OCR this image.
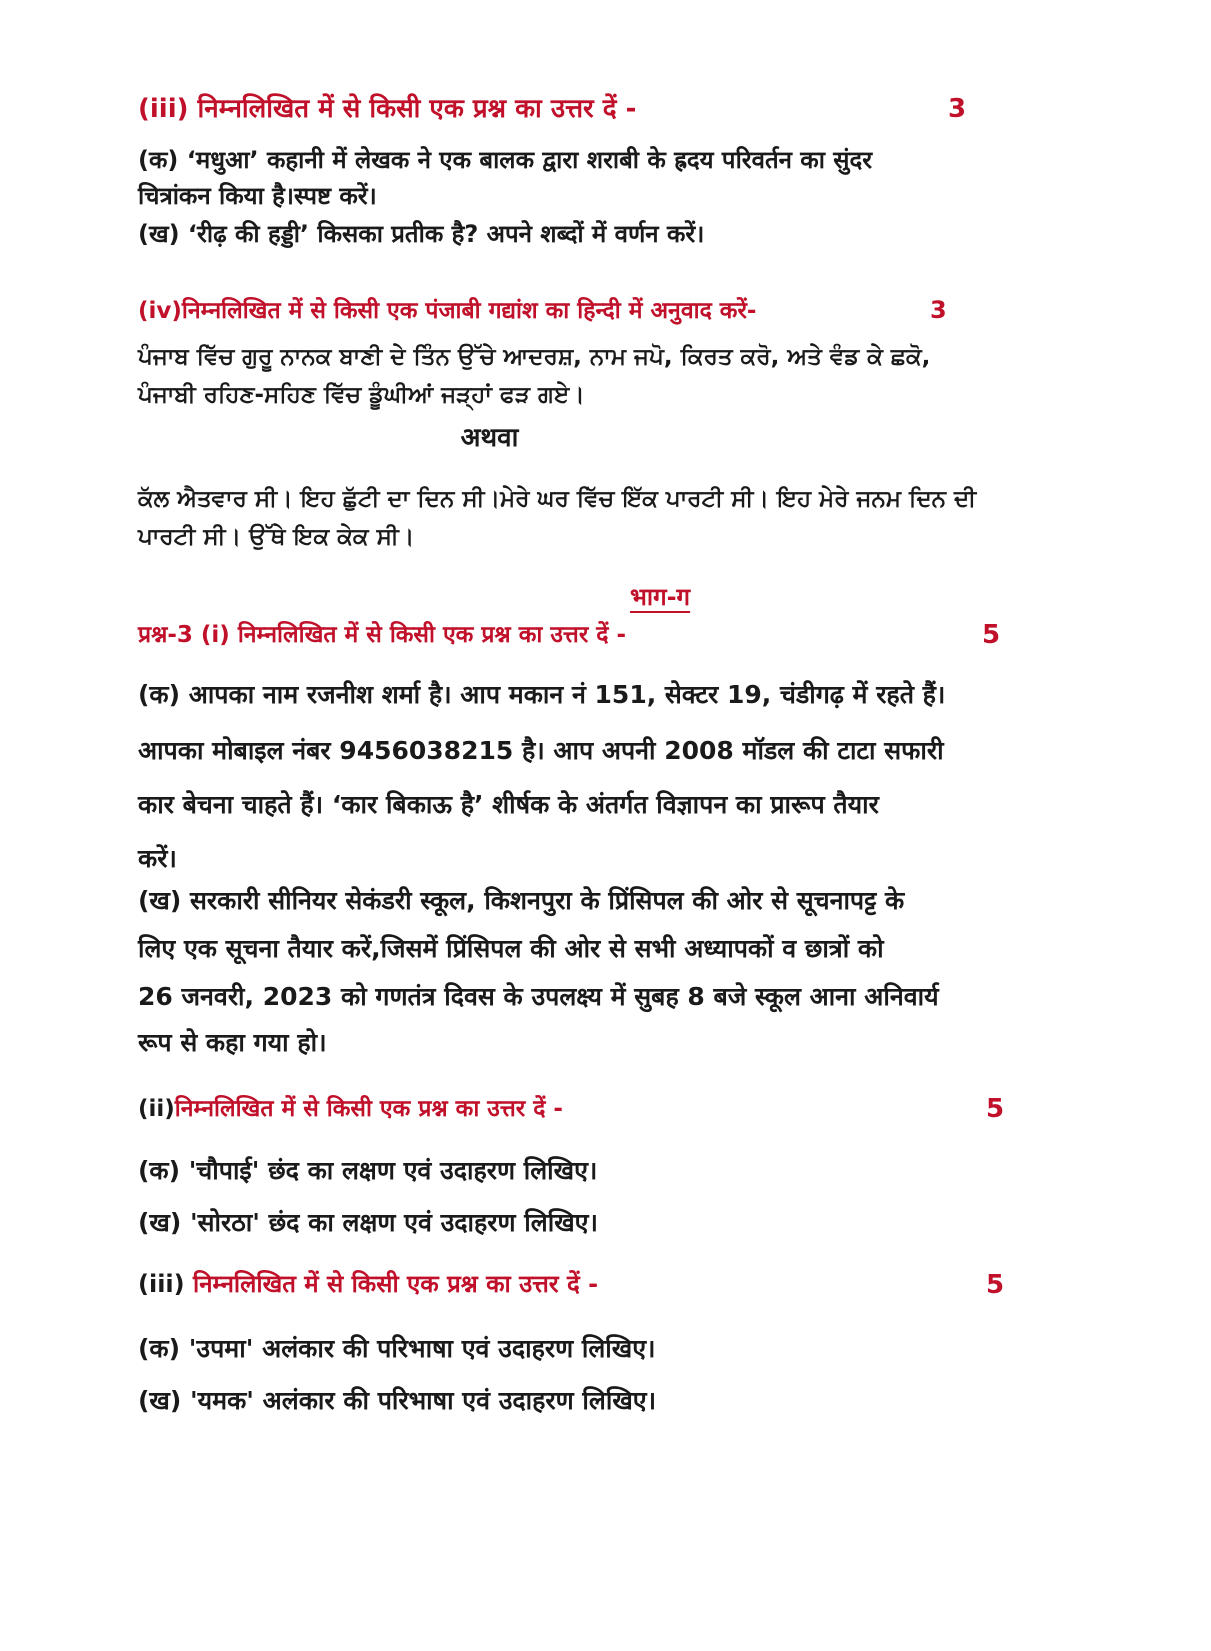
(iii) निम्नलिखित में से किसी एक प्रश्न का उत्तर दें -	3
(क) ‘मधुआ’ कहानी में लेखक ने एक बालक द्वारा शराबी के ह्रदय परिवर्तन का सुंदर
चित्रांकन किया है।स्पष्ट करें।
(ख) ‘रीढ़ की हड्डी’ किसका प्रतीक है? अपने शब्दों में वर्णन करें।
(iv)निम्नलिखित में से किसी एक पंजाबी गद्यांश का हिन्दी में अनुवाद करें-	3
ਪੰਜਾਬ ਵਿੱਚ ਗੁਰੂ ਨਾਨਕ ਬਾਣੀ ਦੇ ਤਿੰਨ ਉੱਚੇ ਆਦਰਸ਼, ਨਾਮ ਜਪੋ, ਕਿਰਤ ਕਰੋ, ਅਤੇ ਵੰਡ ਕੇ ਛਕੋ,
ਪੰਜਾਬੀ ਰਹਿਣ-ਸਹਿਣ ਵਿੱਚ ਡੂੰਘੀਆਂ ਜੜ੍ਹਾਂ ਫੜ ਗਏ।
अथवा
ਕੱਲ ਐਤਵਾਰ ਸੀ। ਇਹ ਛੁੱਟੀ ਦਾ ਦਿਨ ਸੀ।ਮੇਰੇ ਘਰ ਵਿੱਚ ਇੱਕ ਪਾਰਟੀ ਸੀ। ਇਹ ਮੇਰੇ ਜਨਮ ਦਿਨ ਦੀ
ਪਾਰਟੀ ਸੀ। ਉੱਥੇ ਇਕ ਕੇਕ ਸੀ।
भाग-ग
प्रश्न-3 (i) निम्नलिखित में से किसी एक प्रश्न का उत्तर दें -	5
(क) आपका नाम रजनीश शर्मा है। आप मकान नं 151, सेक्टर 19, चंडीगढ़ में रहते हैं।
आपका मोबाइल नंबर 9456038215 है। आप अपनी 2008 मॉडल की टाटा सफारी
कार बेचना चाहते हैं। ‘कार बिकाऊ है’ शीर्षक के अंतर्गत विज्ञापन का प्रारूप तैयार
करें।
(ख) सरकारी सीनियर सेकंडरी स्कूल, किशनपुरा के प्रिंसिपल की ओर से सूचनापट्ट के
लिए एक सूचना तैयार करें,जिसमें प्रिंसिपल की ओर से सभी अध्यापकों व छात्रों को
26 जनवरी, 2023 को गणतंत्र दिवस के उपलक्ष्य में सुबह 8 बजे स्कूल आना अनिवार्य
रूप से कहा गया हो।
(ii)निम्नलिखित में से किसी एक प्रश्न का उत्तर दें -	5
(क) 'चौपाई' छंद का लक्षण एवं उदाहरण लिखिए।
(ख) 'सोरठा' छंद का लक्षण एवं उदाहरण लिखिए।
(iii) निम्नलिखित में से किसी एक प्रश्न का उत्तर दें -	5
(क) 'उपमा' अलंकार की परिभाषा एवं उदाहरण लिखिए।
(ख) 'यमक' अलंकार की परिभाषा एवं उदाहरण लिखिए।
